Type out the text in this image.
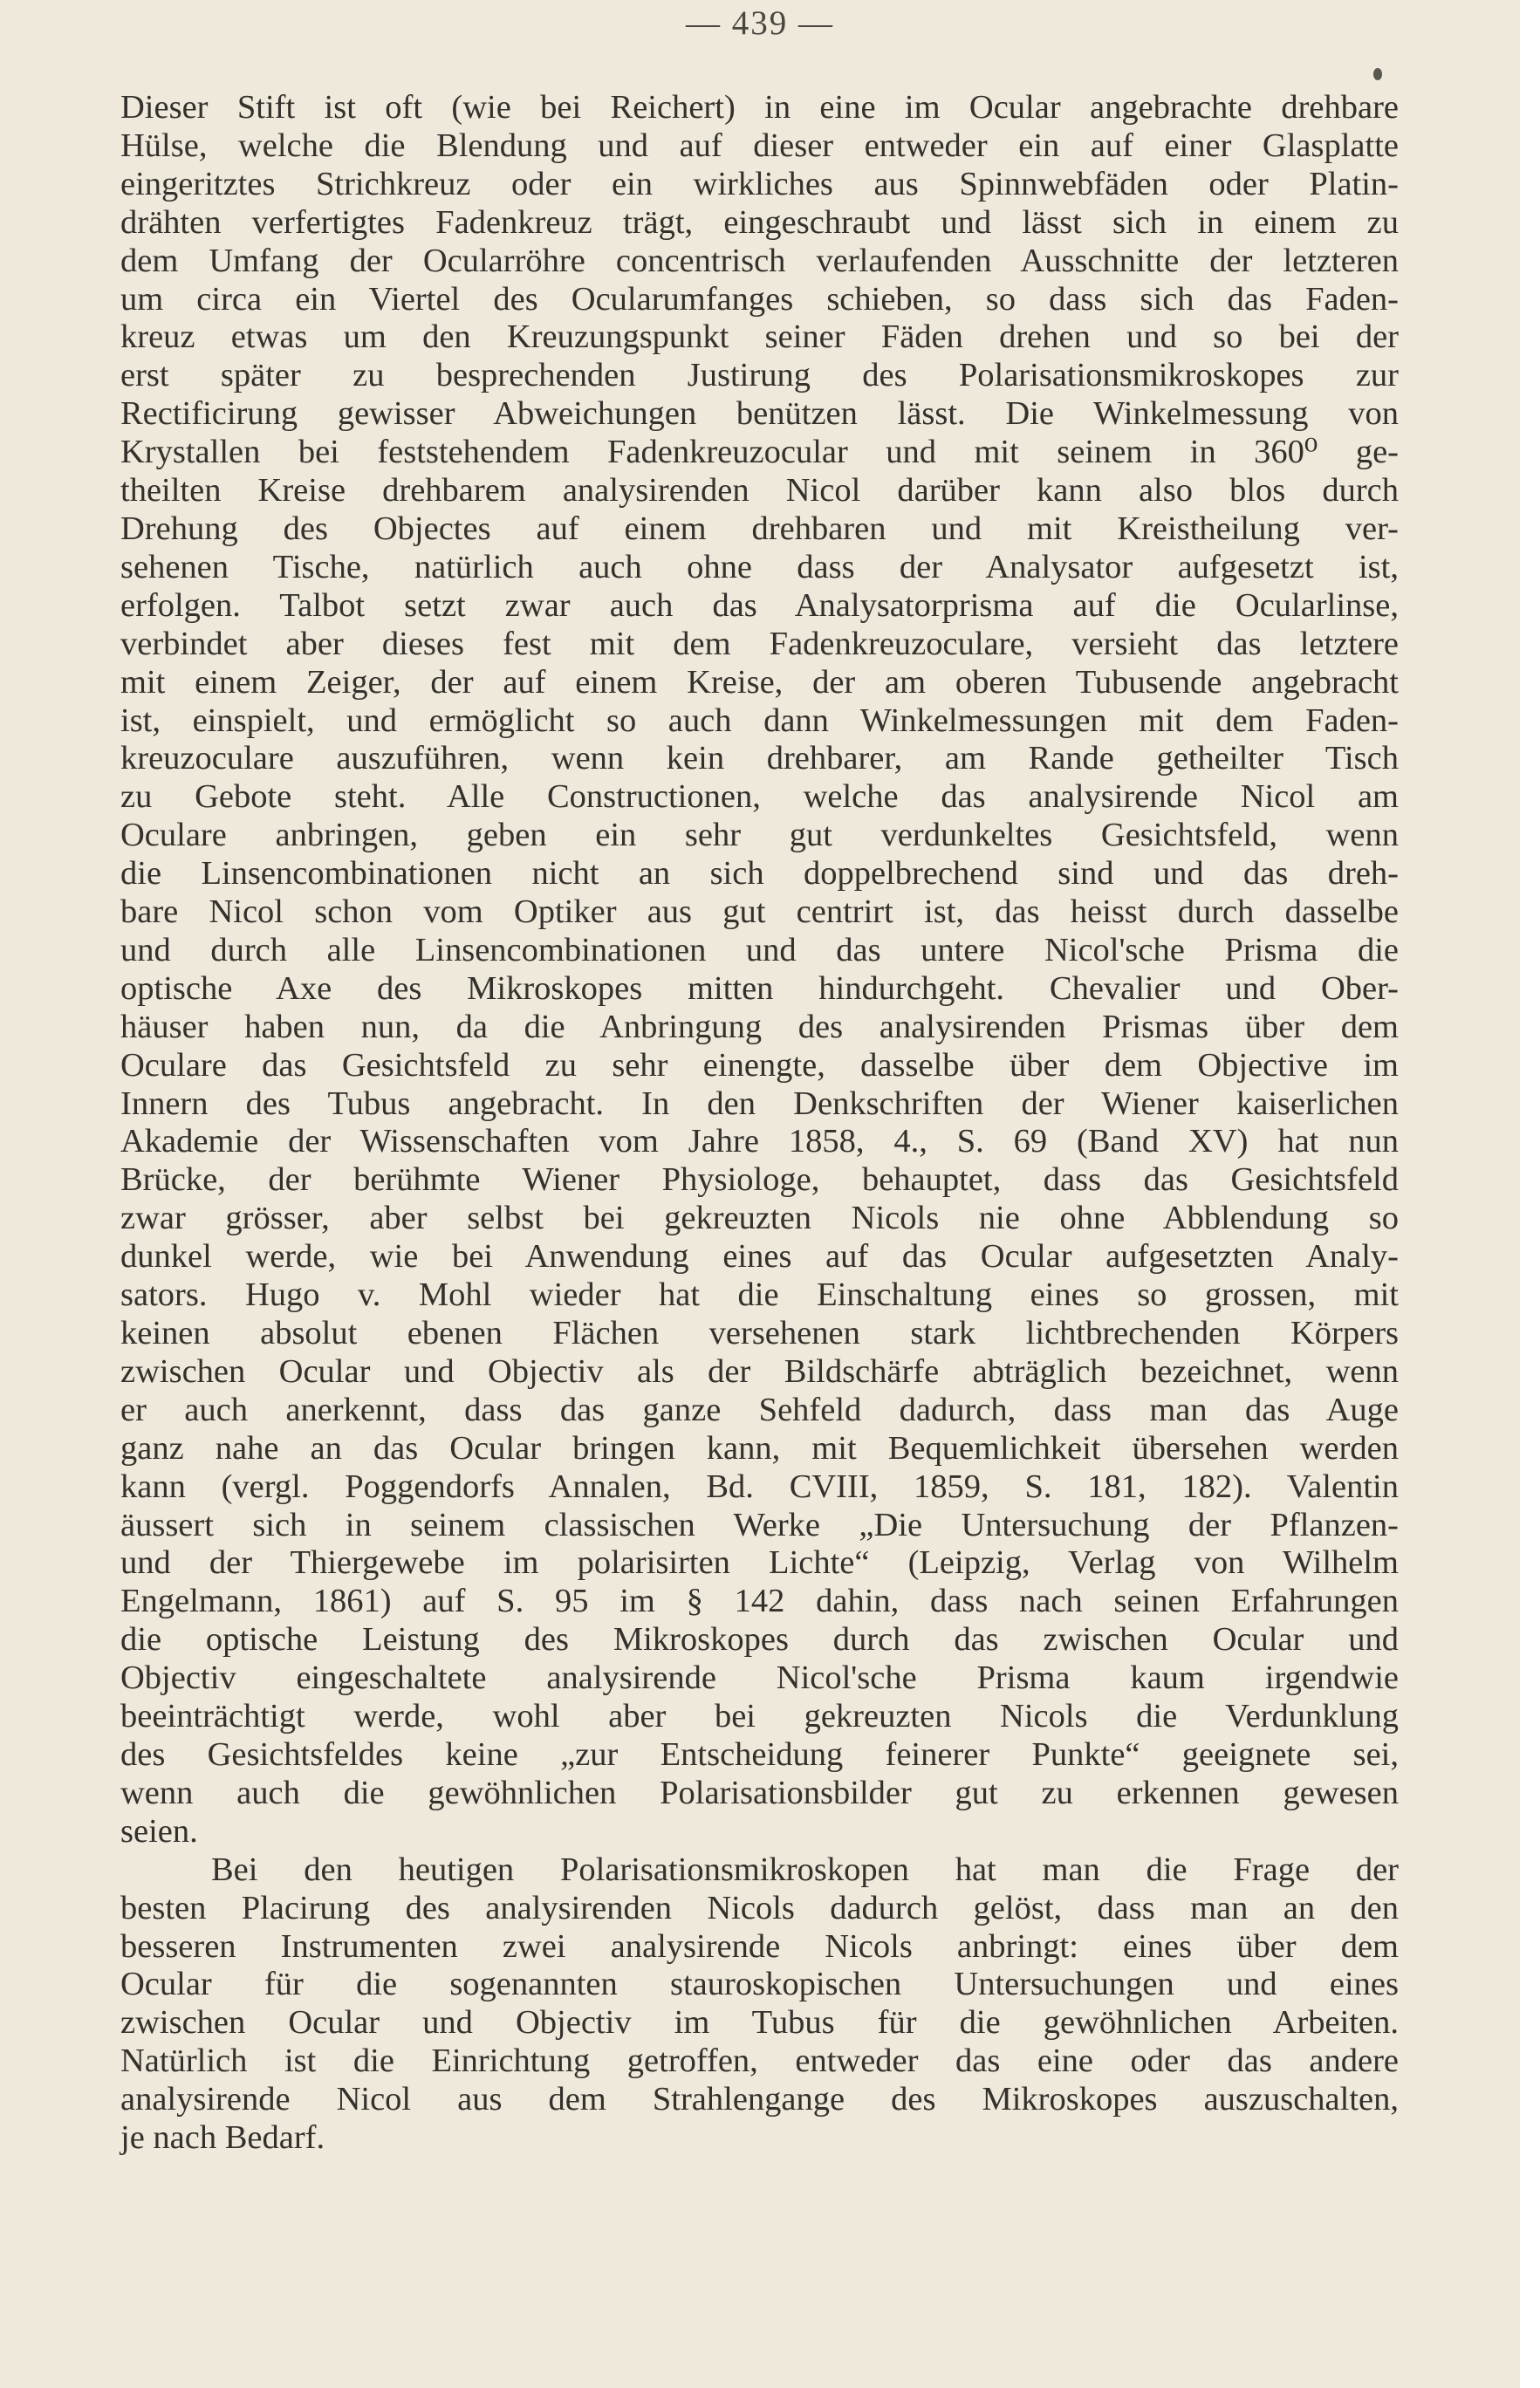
— 439 —
Dieser Stift ist oft (wie bei Reichert) in eine im Ocular angebrachte drehbare
Hülse, welche die Blendung und auf dieser entweder ein auf einer Glasplatte
eingeritztes Strichkreuz oder ein wirkliches aus Spinnwebfäden oder Platin-
drähten verfertigtes Fadenkreuz trägt, eingeschraubt und lässt sich in einem zu
dem Umfang der Ocularröhre concentrisch verlaufenden Ausschnitte der letzteren
um circa ein Viertel des Ocularumfanges schieben, so dass sich das Faden-
kreuz etwas um den Kreuzungspunkt seiner Fäden drehen und so bei der
erst später zu besprechenden Justirung des Polarisationsmikroskopes zur
Rectificirung gewisser Abweichungen benützen lässt. Die Winkelmessung von
Krystallen bei feststehendem Fadenkreuzocular und mit seinem in 360⁰ ge-
theilten Kreise drehbarem analysirenden Nicol darüber kann also blos durch
Drehung des Objectes auf einem drehbaren und mit Kreistheilung ver-
sehenen Tische, natürlich auch ohne dass der Analysator aufgesetzt ist,
erfolgen. Talbot setzt zwar auch das Analysatorprisma auf die Ocularlinse,
verbindet aber dieses fest mit dem Fadenkreuzoculare, versieht das letztere
mit einem Zeiger, der auf einem Kreise, der am oberen Tubusende angebracht
ist, einspielt, und ermöglicht so auch dann Winkelmessungen mit dem Faden-
kreuzoculare auszuführen, wenn kein drehbarer, am Rande getheilter Tisch
zu Gebote steht. Alle Constructionen, welche das analysirende Nicol am
Oculare anbringen, geben ein sehr gut verdunkeltes Gesichtsfeld, wenn
die Linsencombinationen nicht an sich doppelbrechend sind und das dreh-
bare Nicol schon vom Optiker aus gut centrirt ist, das heisst durch dasselbe
und durch alle Linsencombinationen und das untere Nicol'sche Prisma die
optische Axe des Mikroskopes mitten hindurchgeht. Chevalier und Ober-
häuser haben nun, da die Anbringung des analysirenden Prismas über dem
Oculare das Gesichtsfeld zu sehr einengte, dasselbe über dem Objective im
Innern des Tubus angebracht. In den Denkschriften der Wiener kaiserlichen
Akademie der Wissenschaften vom Jahre 1858, 4., S. 69 (Band XV) hat nun
Brücke, der berühmte Wiener Physiologe, behauptet, dass das Gesichtsfeld
zwar grösser, aber selbst bei gekreuzten Nicols nie ohne Abblendung so
dunkel werde, wie bei Anwendung eines auf das Ocular aufgesetzten Analy-
sators. Hugo v. Mohl wieder hat die Einschaltung eines so grossen, mit
keinen absolut ebenen Flächen versehenen stark lichtbrechenden Körpers
zwischen Ocular und Objectiv als der Bildschärfe abträglich bezeichnet, wenn
er auch anerkennt, dass das ganze Sehfeld dadurch, dass man das Auge
ganz nahe an das Ocular bringen kann, mit Bequemlichkeit übersehen werden
kann (vergl. Poggendorfs Annalen, Bd. CVIII, 1859, S. 181, 182). Valentin
äussert sich in seinem classischen Werke „Die Untersuchung der Pflanzen-
und der Thiergewebe im polarisirten Lichte“ (Leipzig, Verlag von Wilhelm
Engelmann, 1861) auf S. 95 im § 142 dahin, dass nach seinen Erfahrungen
die optische Leistung des Mikroskopes durch das zwischen Ocular und
Objectiv eingeschaltete analysirende Nicol'sche Prisma kaum irgendwie
beeinträchtigt werde, wohl aber bei gekreuzten Nicols die Verdunklung
des Gesichtsfeldes keine „zur Entscheidung feinerer Punkte“ geeignete sei,
wenn auch die gewöhnlichen Polarisationsbilder gut zu erkennen gewesen
seien.
Bei den heutigen Polarisationsmikroskopen hat man die Frage der
besten Placirung des analysirenden Nicols dadurch gelöst, dass man an den
besseren Instrumenten zwei analysirende Nicols anbringt: eines über dem
Ocular für die sogenannten stauroskopischen Untersuchungen und eines
zwischen Ocular und Objectiv im Tubus für die gewöhnlichen Arbeiten.
Natürlich ist die Einrichtung getroffen, entweder das eine oder das andere
analysirende Nicol aus dem Strahlengange des Mikroskopes auszuschalten,
je nach Bedarf.
